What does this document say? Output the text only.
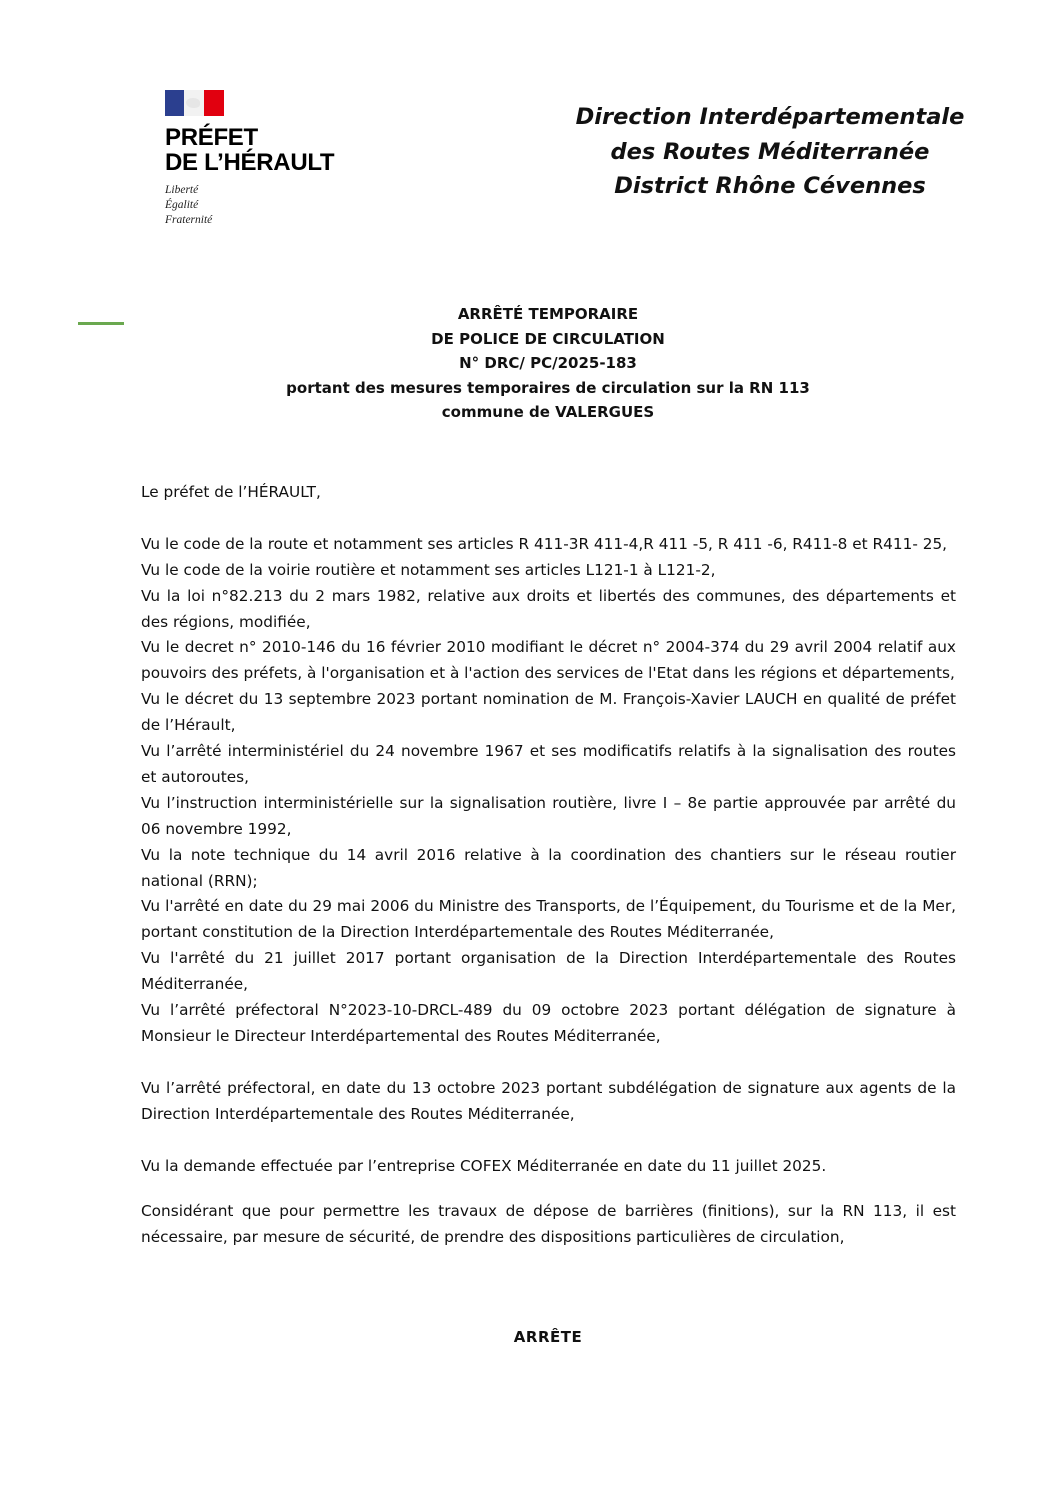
PRÉFET
DE L’HÉRAULT
Liberté
Égalité
Fraternité
Direction Interdépartementale
des Routes Méditerranée
District Rhône Cévennes
ARRÊTÉ TEMPORAIRE
DE POLICE DE CIRCULATION
N° DRC/ PC/2025-183
portant des mesures temporaires de circulation sur la RN 113
commune de VALERGUES

Le préfet de l’HÉRAULT,

Vu le code de la route et notamment ses articles R 411-3R 411-4,R 411 -5, R 411 -6, R411-8 et R411- 25,

Vu le code de la voirie routière et notamment ses articles L121-1 à L121-2,

Vu la loi n°82.213 du 2 mars 1982, relative aux droits et libertés des communes, des départements et des régions, modifiée,

Vu le decret n° 2010-146 du 16 février 2010 modifiant le décret n° 2004-374 du 29 avril 2004 relatif aux pouvoirs des préfets, à l'organisation et à l'action des services de l'Etat dans les régions et départements,

Vu le décret du 13 septembre 2023 portant nomination de M. François-Xavier LAUCH en qualité de préfet de l’Hérault,

Vu l’arrêté interministériel du 24 novembre 1967 et ses modificatifs relatifs à la signalisation des routes et autoroutes,

Vu l’instruction interministérielle sur la signalisation routière, livre I – 8e partie approuvée par arrêté du 06 novembre 1992,

Vu la note technique du 14 avril 2016 relative à la coordination des chantiers sur le réseau routier national (RRN);

Vu l'arrêté en date du 29 mai 2006 du Ministre des Transports, de l’Équipement, du Tourisme et de la Mer, portant constitution de la Direction Interdépartementale des Routes Méditerranée,

Vu l'arrêté du 21 juillet 2017 portant organisation de la Direction Interdépartementale des Routes Méditerranée,

Vu l’arrêté préfectoral N°2023-10-DRCL-489 du 09 octobre 2023 portant délégation de signature à Monsieur le Directeur Interdépartemental des Routes Méditerranée,

Vu l’arrêté préfectoral, en date du 13 octobre 2023 portant subdélégation de signature aux agents de la Direction Interdépartementale des Routes Méditerranée,

Vu la demande effectuée par l’entreprise COFEX Méditerranée en date du 11 juillet 2025.

Considérant que pour permettre les travaux de dépose de barrières (finitions), sur la RN 113, il est nécessaire, par mesure de sécurité, de prendre des dispositions particulières de circulation,

ARRÊTE
